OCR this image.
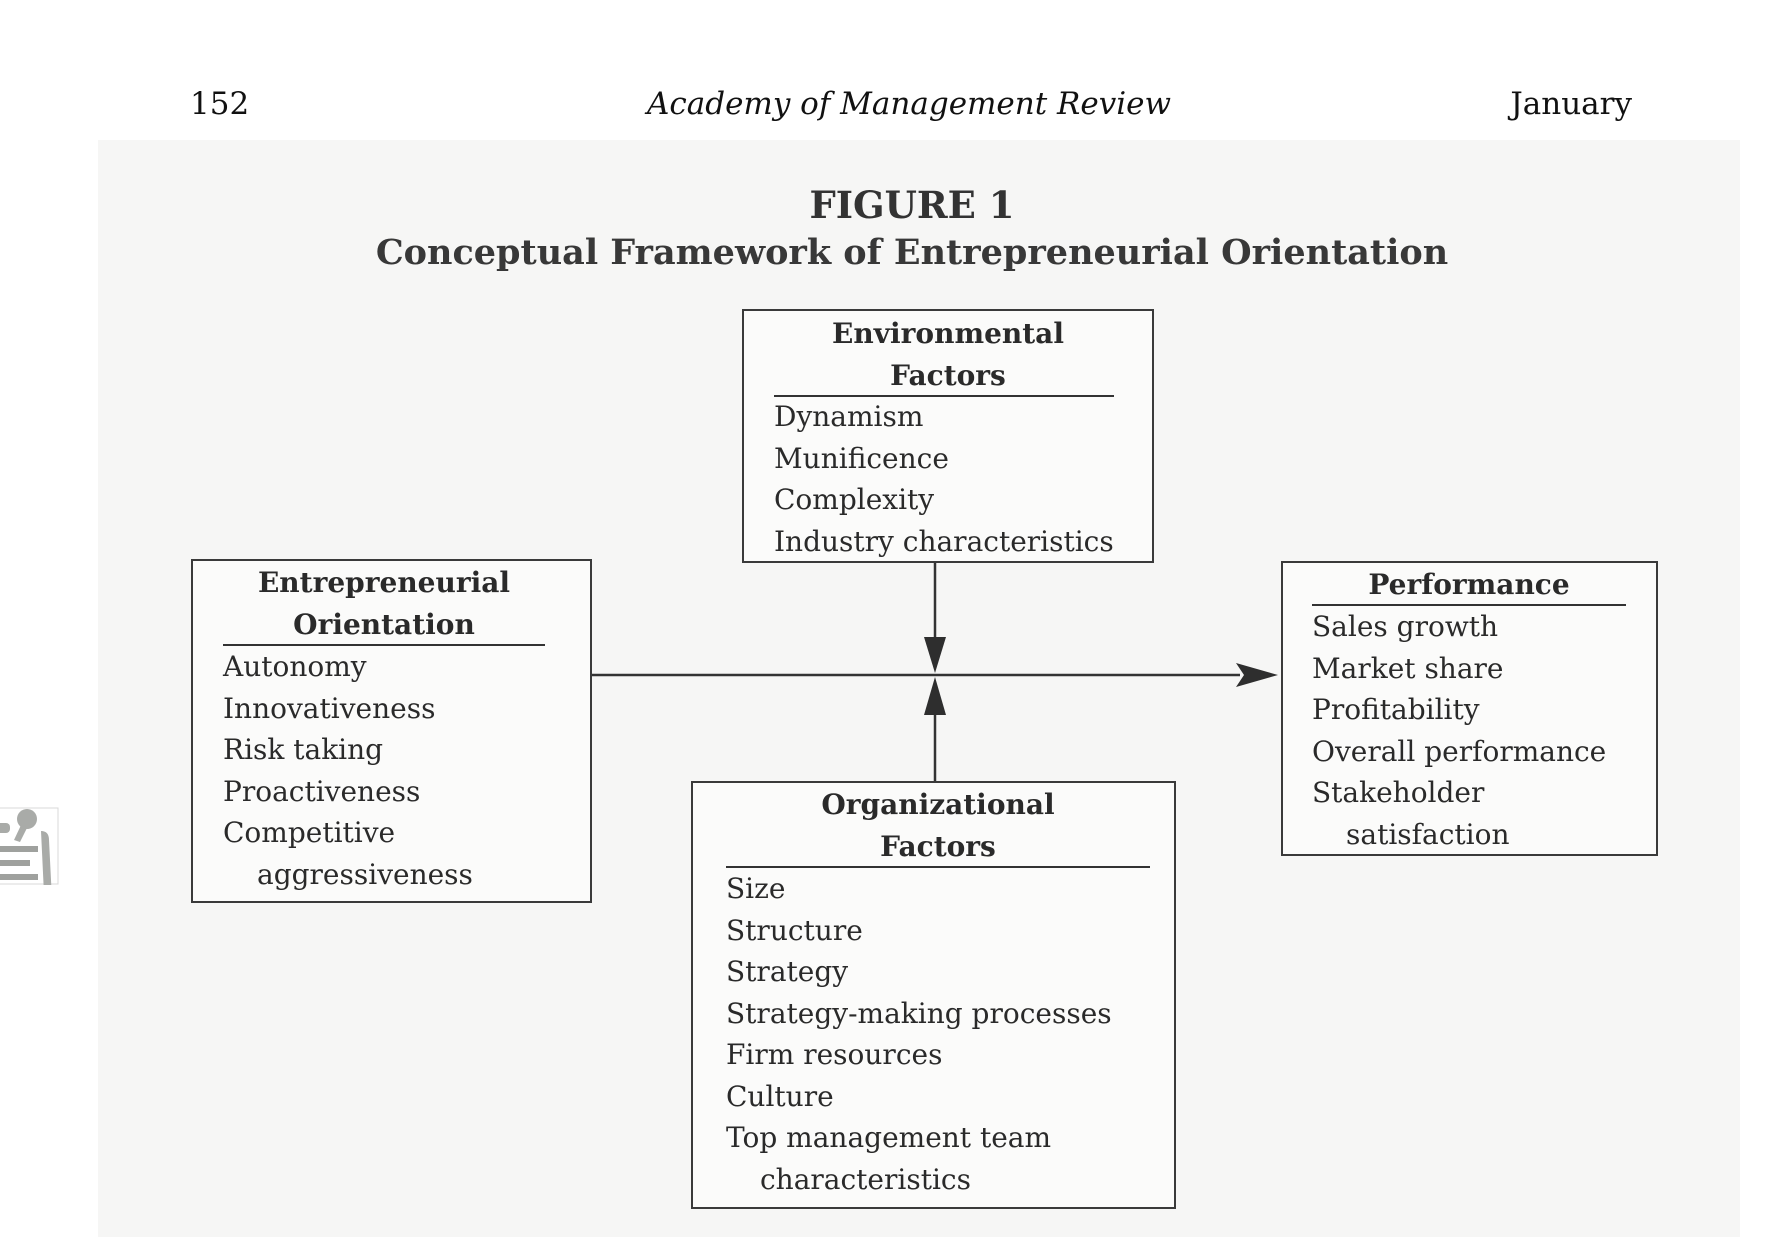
152	Academy of Management Review	January
FIGURE 1
Conceptual Framework of Entrepreneurial Orientation
Environmental
Factors
Dynamism
Munificence
Complexity
Industry characteristics
Entrepreneurial
Orientation
Autonomy
Innovativeness
Risk taking
Proactiveness
Competitive
aggressiveness
Performance
Sales growth
Market share
Profitability
Overall performance
Stakeholder
satisfaction
Organizational
Factors
Size
Structure
Strategy
Strategy-making processes
Firm resources
Culture
Top management team
characteristics
